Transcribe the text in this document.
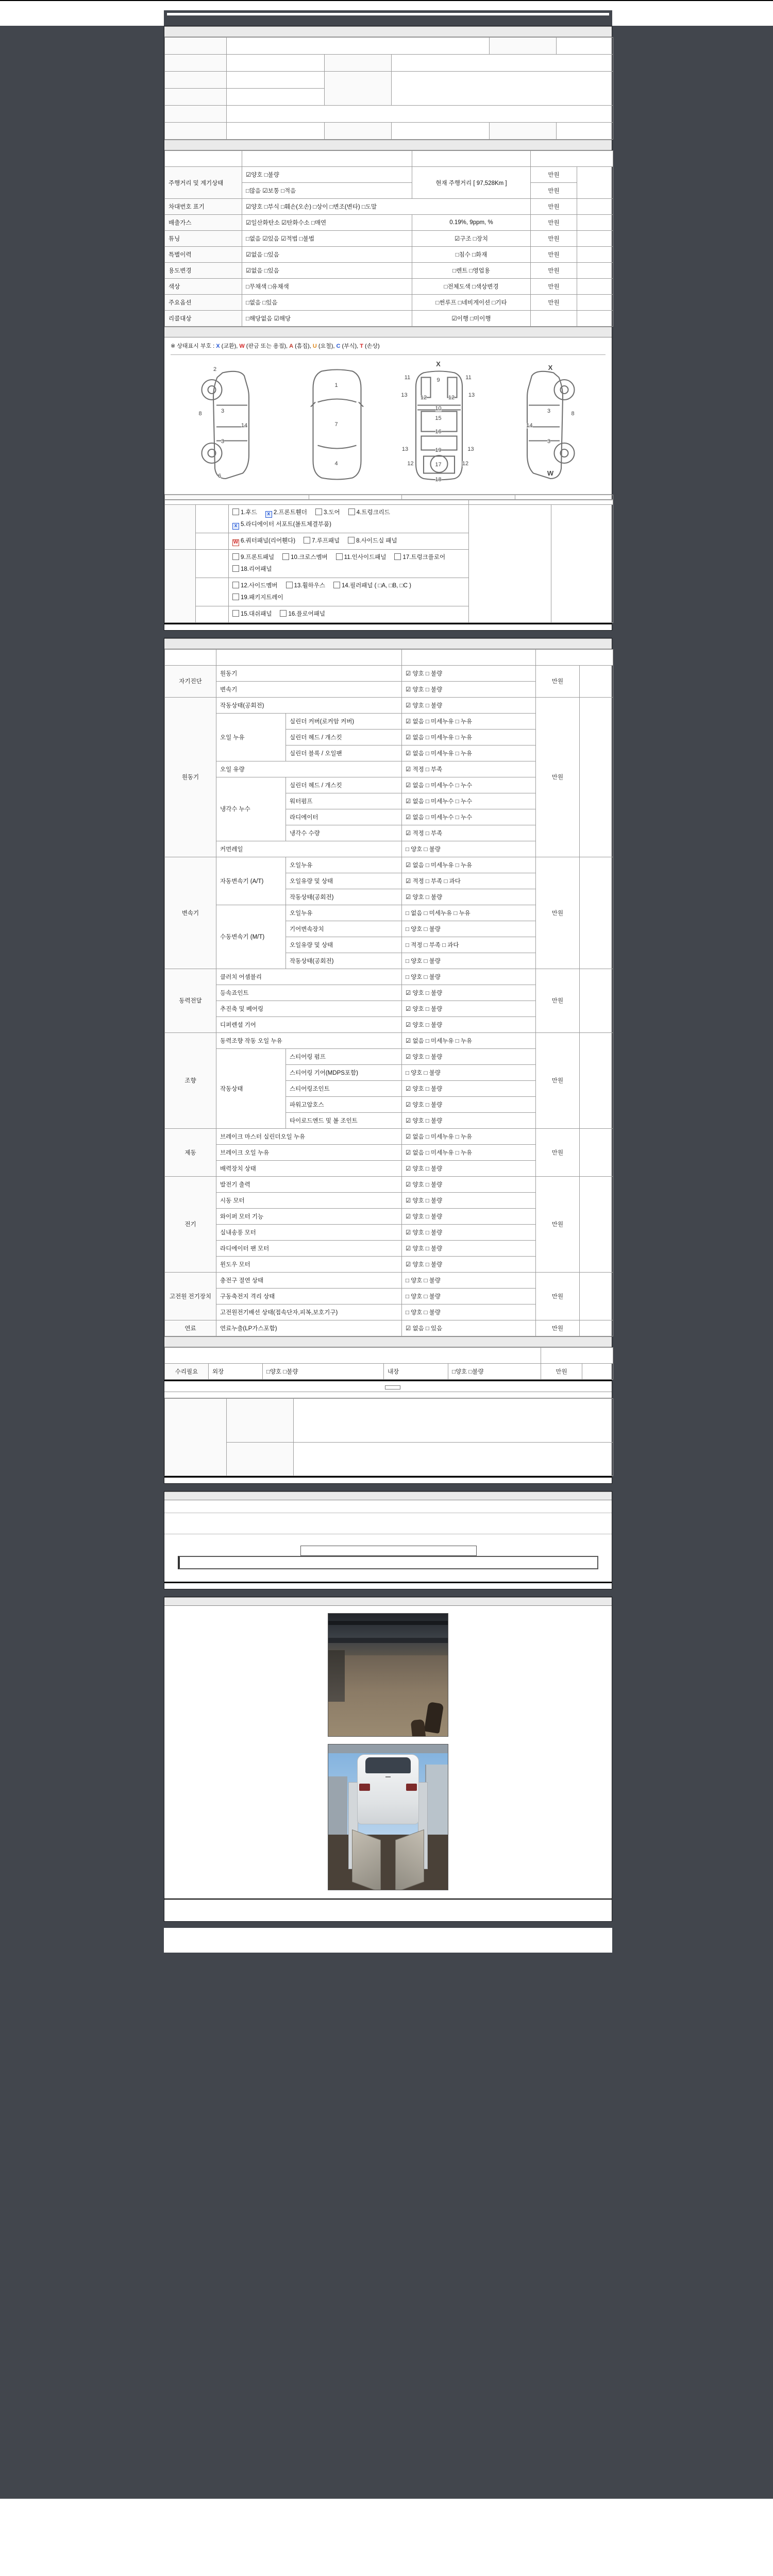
주행거리 및 계기상태	☑양호 □불량	현재 주행거리 [ 97,528Km ]	만원	
	□많음 ☑보통 □적음		만원	
차대번호 표기	☑양호 □부식 □훼손(오손) □상이 □변조(변타) □도말		만원	
배출가스	☑일산화탄소 ☑탄화수소 □매연	0.19%, 9ppm, %	만원	
튜닝	□없음 ☑있음 ☑적법 □불법	☑구조 □장치	만원	
특별이력	☑없음 □있음	□침수 □화재	만원	
용도변경	☑없음 □있음	□렌트 □영업용	만원	
색상	□무채색 □유채색	□전체도색 □색상변경	만원	
주요옵션	□없음 □있음	□썬루프 □네비게이션 □기타	만원	
리콜대상	□해당없음 ☑해당	☑이행 □미이행		
※ 상태표시 부호 : X (교환), W (판금 또는 용접), A (흠집), U (요철), C (부식), T (손상)
2
8	3
14
3
6
1
7
4
X
11	9	11
13 12	12 13
10
15
16
13	19	13
12	17	12
18
X
3	8
14
3
W

		1.후드 x 2.프론트휀더 3.도어 4.트렁크리드x 5.라디에이터 서포트(볼트체결부품)		
		W 6.쿼터패널(리어휀다) 7.루프패널 8.사이드실 패널		
		9.프론트패널 10.크로스멤버 11.인사이드패널 17.트렁크플로어18.리어패널		
		12.사이드멤버 13.휠하우스 14.필러패널 ( □A, □B, □C )19.패키지트레이		
		15.대쉬패널 16.플로어패널		

자기진단	원동기		☑ 양호 □ 불량	만원	
	변속기		☑ 양호 □ 불량		
원동기	작동상태(공회전)		☑ 양호 □ 불량	만원	
	오일 누유	실린더 커버(로커암 커버)	☑ 없음 □ 미세누유 □ 누유		
		실린더 헤드 / 개스킷	☑ 없음 □ 미세누유 □ 누유		
		실린더 블록 / 오일팬	☑ 없음 □ 미세누유 □ 누유		
	오일 유량		☑ 적정 □ 부족		
	냉각수 누수	실린더 헤드 / 개스킷	☑ 없음 □ 미세누수 □ 누수		
		워터펌프	☑ 없음 □ 미세누수 □ 누수		
		라디에이터	☑ 없음 □ 미세누수 □ 누수		
		냉각수 수량	☑ 적정 □ 부족		
	커먼레일		□ 양호 □ 불량		
변속기	자동변속기 (A/T)	오일누유	☑ 없음 □ 미세누유 □ 누유	만원	
		오일유량 및 상태	☑ 적정 □ 부족 □ 과다		
		작동상태(공회전)	☑ 양호 □ 불량		
	수동변속기 (M/T)	오일누유	□ 없음 □ 미세누유 □ 누유		
		기어변속장치	□ 양호 □ 불량		
		오일유량 및 상태	□ 적정 □ 부족 □ 과다		
		작동상태(공회전)	□ 양호 □ 불량		
동력전달	클러치 어셈블리		□ 양호 □ 불량	만원	
	등속죠인트		☑ 양호 □ 불량		
	추진축 및 베어링		☑ 양호 □ 불량		
	디퍼렌셜 기어		☑ 양호 □ 불량		
조향	동력조향 작동 오일 누유		☑ 없음 □ 미세누유 □ 누유	만원	
	작동상태	스티어링 펌프	☑ 양호 □ 불량		
		스티어링 기어(MDPS포함)	□ 양호 □ 불량		
		스티어링조인트	☑ 양호 □ 불량		
		파워고압호스	☑ 양호 □ 불량		
		타이로드엔드 및 볼 조인트	☑ 양호 □ 불량		
제동	브레이크 마스터 실린더오일 누유		☑ 없음 □ 미세누유 □ 누유	만원	
	브레이크 오일 누유		☑ 없음 □ 미세누유 □ 누유		
	배력장치 상태		☑ 양호 □ 불량		
전기	발전기 출력		☑ 양호 □ 불량	만원	
	시동 모터		☑ 양호 □ 불량		
	와이퍼 모터 기능		☑ 양호 □ 불량		
	실내송풍 모터		☑ 양호 □ 불량		
	라디에이터 팬 모터		☑ 양호 □ 불량		
	윈도우 모터		☑ 양호 □ 불량		
고전원 전기장치	충전구 절연 상태		□ 양호 □ 불량	만원	
	구동축전지 격리 상태		□ 양호 □ 불량		
	고전원전기배선 상태(접속단자,피복,보호기구)		□ 양호 □ 불량		
연료	연료누출(LP가스포함)		☑ 없음 □ 있음	만원	

수리필요	외장	□양호 □불량	내장	□양호 □불량	만원	
